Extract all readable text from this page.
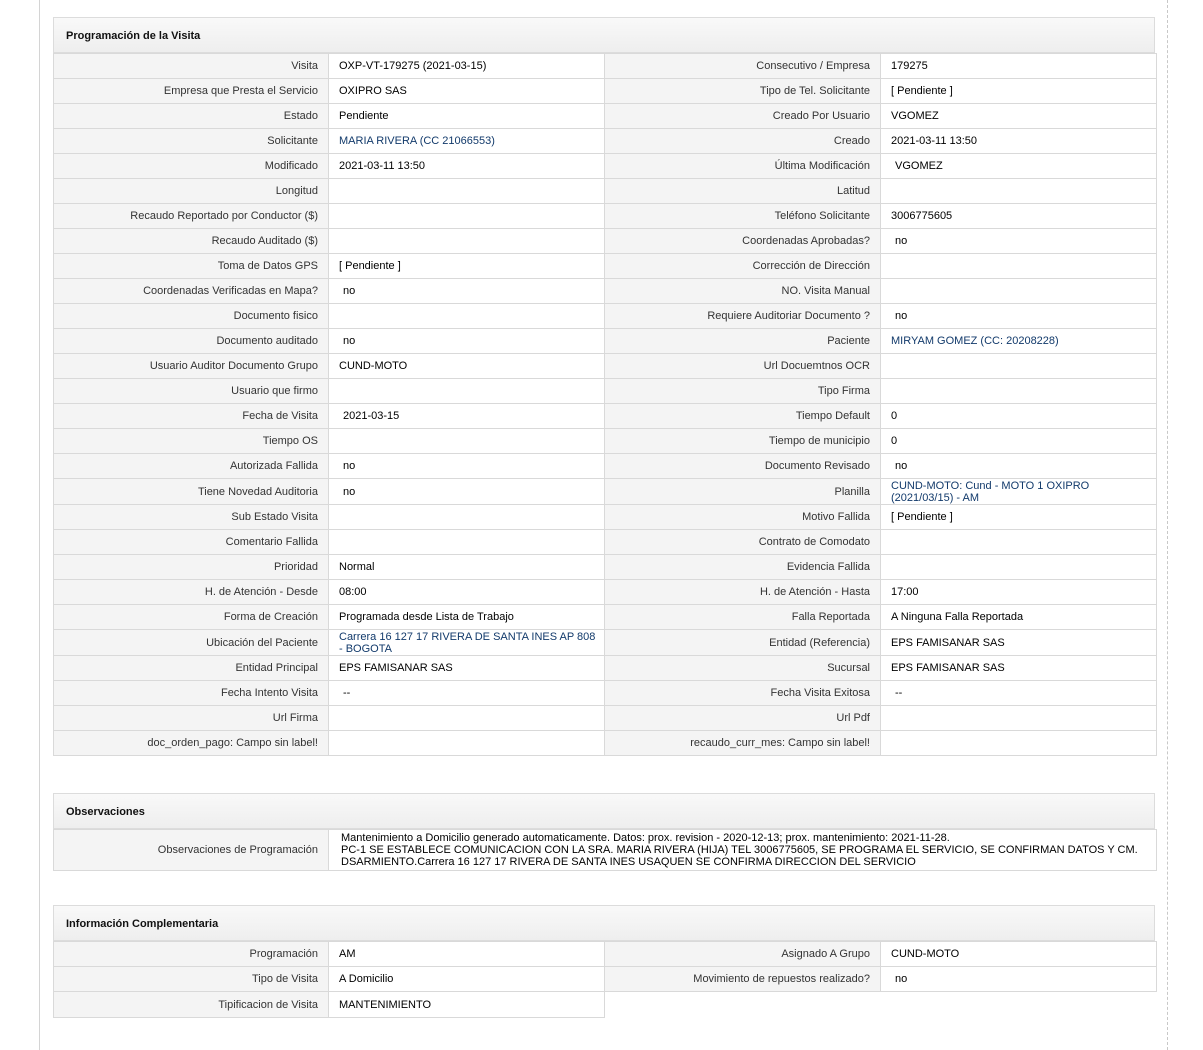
Programación de la Visita
Visita	OXP-VT-179275 (2021-03-15)	Consecutivo / Empresa	179275
Empresa que Presta el Servicio	OXIPRO SAS	Tipo de Tel. Solicitante	[ Pendiente ]
Estado	Pendiente	Creado Por Usuario	VGOMEZ
Solicitante	MARIA RIVERA (CC 21066553)	Creado	2021-03-11 13:50
Modificado	2021-03-11 13:50	Última Modificación	VGOMEZ
Longitud		Latitud	
Recaudo Reportado por Conductor ($)		Teléfono Solicitante	3006775605
Recaudo Auditado ($)		Coordenadas Aprobadas?	no
Toma de Datos GPS	[ Pendiente ]	Corrección de Dirección	
Coordenadas Verificadas en Mapa?	no	NO. Visita Manual	
Documento fisico		Requiere Auditoriar Documento ?	no
Documento auditado	no	Paciente	MIRYAM GOMEZ (CC: 20208228)
Usuario Auditor Documento Grupo	CUND-MOTO	Url Docuemtnos OCR	
Usuario que firmo		Tipo Firma	
Fecha de Visita	2021-03-15	Tiempo Default	0
Tiempo OS		Tiempo de municipio	0
Autorizada Fallida	no	Documento Revisado	no
Tiene Novedad Auditoria	no	Planilla	CUND-MOTO: Cund - MOTO 1 OXIPRO (2021/03/15) - AM
Sub Estado Visita		Motivo Fallida	[ Pendiente ]
Comentario Fallida		Contrato de Comodato	
Prioridad	Normal	Evidencia Fallida	
H. de Atención - Desde	08:00	H. de Atención - Hasta	17:00
Forma de Creación	Programada desde Lista de Trabajo	Falla Reportada	A Ninguna Falla Reportada
Ubicación del Paciente	Carrera 16 127 17 RIVERA DE SANTA INES AP 808 - BOGOTA	Entidad (Referencia)	EPS FAMISANAR SAS
Entidad Principal	EPS FAMISANAR SAS	Sucursal	EPS FAMISANAR SAS
Fecha Intento Visita	--	Fecha Visita Exitosa	--
Url Firma		Url Pdf	
doc_orden_pago: Campo sin label!		recaudo_curr_mes: Campo sin label!	
Observaciones
Observaciones de Programación	Mantenimiento a Domicilio generado automaticamente. Datos: prox. revision - 2020-12-13; prox. mantenimiento: 2021-11-28.
PC-1 SE ESTABLECE COMUNICACION CON LA SRA. MARIA RIVERA (HIJA) TEL 3006775605, SE PROGRAMA EL SERVICIO, SE CONFIRMAN DATOS Y CM.
DSARMIENTO.Carrera 16 127 17 RIVERA DE SANTA INES USAQUEN SE CONFIRMA DIRECCION DEL SERVICIO
Información Complementaria
Programación	AM	Asignado A Grupo	CUND-MOTO
Tipo de Visita	A Domicilio	Movimiento de repuestos realizado?	no
Tipificacion de Visita	MANTENIMIENTO		
